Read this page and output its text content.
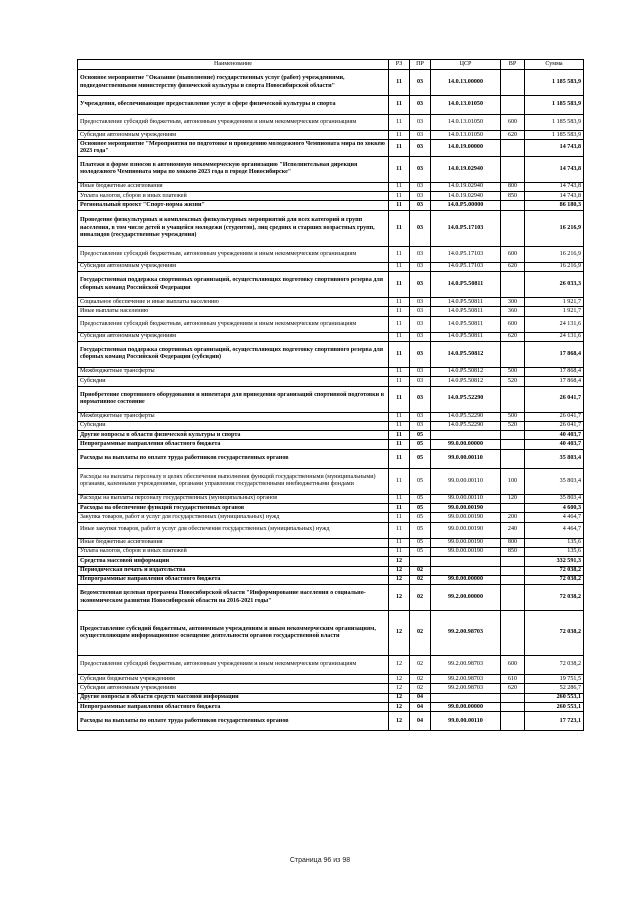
Наименование	РЗ	ПР	ЦСР	ВР	Сумма
Основное мероприятие "Оказание (выполнение) государственных услуг (работ) учреждениями, подведомственными министерству физической культуры и спорта Новосибирской области"	11	03	14.0.13.00000		1 185 583,9
Учреждения, обеспечивающие предоставление услуг в сфере физической культуры и спорта	11	03	14.0.13.01050		1 185 583,9
Предоставление субсидий бюджетным, автономным учреждениям и иным некоммерческим организациям	11	03	14.0.13.01050	600	1 185 583,9
Субсидии автономным учреждениям	11	03	14.0.13.01050	620	1 185 583,9
Основное мероприятие "Мероприятия по подготовке и проведению молодежного Чемпионата мира по хоккею 2023 года"	11	03	14.0.19.00000		14 743,8
Платежи в форме взносов в автономную некоммерческую организацию "Исполнительная дирекция молодежного Чемпионата мира по хоккею 2023 года в городе Новосибирске"	11	03	14.0.19.02940		14 743,8
Иные бюджетные ассигнования	11	03	14.0.19.02940	800	14 743,8
Уплата налогов, сборов и иных платежей	11	03	14.0.19.02940	850	14 743,8
Региональный проект "Спорт-норма жизни"	11	03	14.0.P5.00000		86 180,3
Проведение физкультурных и комплексных физкультурных мероприятий для всех категорий и групп населения, в том числе детей и учащейся молодежи (студентов), лиц средних и старших возрастных групп, инвалидов (государственные учреждения)	11	03	14.0.P5.17103		16 216,9
Предоставление субсидий бюджетным, автономным учреждениям и иным некоммерческим организациям	11	03	14.0.P5.17103	600	16 216,9
Субсидии автономным учреждениям	11	03	14.0.P5.17103	620	16 216,9
Государственная поддержка спортивных организаций, осуществляющих подготовку спортивного резерва для сборных команд Российской Федерации	11	03	14.0.P5.50811		26 033,3
Социальное обеспечение и иные выплаты населению	11	03	14.0.P5.50811	300	1 921,7
Иные выплаты населению	11	03	14.0.P5.50811	360	1 921,7
Предоставление субсидий бюджетным, автономным учреждениям и иным некоммерческим организациям	11	03	14.0.P5.50811	600	24 131,6
Субсидии автономным учреждениям	11	03	14.0.P5.50811	620	24 131,6
Государственная поддержка спортивных организаций, осуществляющих подготовку спортивного резерва для сборных команд Российской Федерации (субсидии)	11	03	14.0.P5.50812		17 868,4
Межбюджетные трансферты	11	03	14.0.P5.50812	500	17 868,4
Субсидии	11	03	14.0.P5.50812	520	17 868,4
Приобретение спортивного оборудования и инвентаря для приведения организаций спортивной подготовки в нормативное состояние	11	03	14.0.P5.52290		26 041,7
Межбюджетные трансферты	11	03	14.0.P5.52290	500	26 041,7
Субсидии	11	03	14.0.P5.52290	520	26 041,7
Другие вопросы в области физической культуры и спорта	11	05			40 403,7
Непрограммные направления областного бюджета	11	05	99.0.00.00000		40 403,7
Расходы на выплаты по оплате труда работников государственных органов	11	05	99.0.00.00110		35 803,4
Расходы на выплаты персоналу в целях обеспечения выполнения функций государственными (муниципальными) органами, казенными учреждениями, органами управления государственными внебюджетными фондами	11	05	99.0.00.00110	100	35 803,4
Расходы на выплаты персоналу государственных (муниципальных) органов	11	05	99.0.00.00110	120	35 803,4
Расходы на обеспечение функций государственных органов	11	05	99.0.00.00190		4 600,3
Закупка товаров, работ и услуг для государственных (муниципальных) нужд	11	05	99.0.00.00190	200	4 464,7
Иные закупки товаров, работ и услуг для обеспечения государственных (муниципальных) нужд	11	05	99.0.00.00190	240	4 464,7
Иные бюджетные ассигнования	11	05	99.0.00.00190	800	135,6
Уплата налогов, сборов и иных платежей	11	05	99.0.00.00190	850	135,6
Средства массовой информации	12				332 591,3
Периодическая печать и издательства	12	02			72 038,2
Непрограммные направления областного бюджета	12	02	99.0.00.00000		72 038,2
Ведомственная целевая программа Новосибирской области "Информирование населения о социально-экономическом развитии Новосибирской области на 2016-2021 годы"	12	02	99.2.00.00000		72 038,2
Предоставление субсидий бюджетным, автономным учреждениям и иным некоммерческим организациям, осуществляющим информационное освещение деятельности органов государственной власти	12	02	99.2.00.98703		72 038,2
Предоставление субсидий бюджетным, автономным учреждениям и иным некоммерческим организациям	12	02	99.2.00.98703	600	72 038,2
Субсидии бюджетным учреждениям	12	02	99.2.00.98703	610	19 751,5
Субсидии автономным учреждениям	12	02	99.2.00.98703	620	52 286,7
Другие вопросы в области средств массовой информации	12	04			260 553,1
Непрограммные направления областного бюджета	12	04	99.0.00.00000		260 553,1
Расходы на выплаты по оплате труда работников государственных органов	12	04	99.0.00.00110		17 723,1
Страница 96 из 98
